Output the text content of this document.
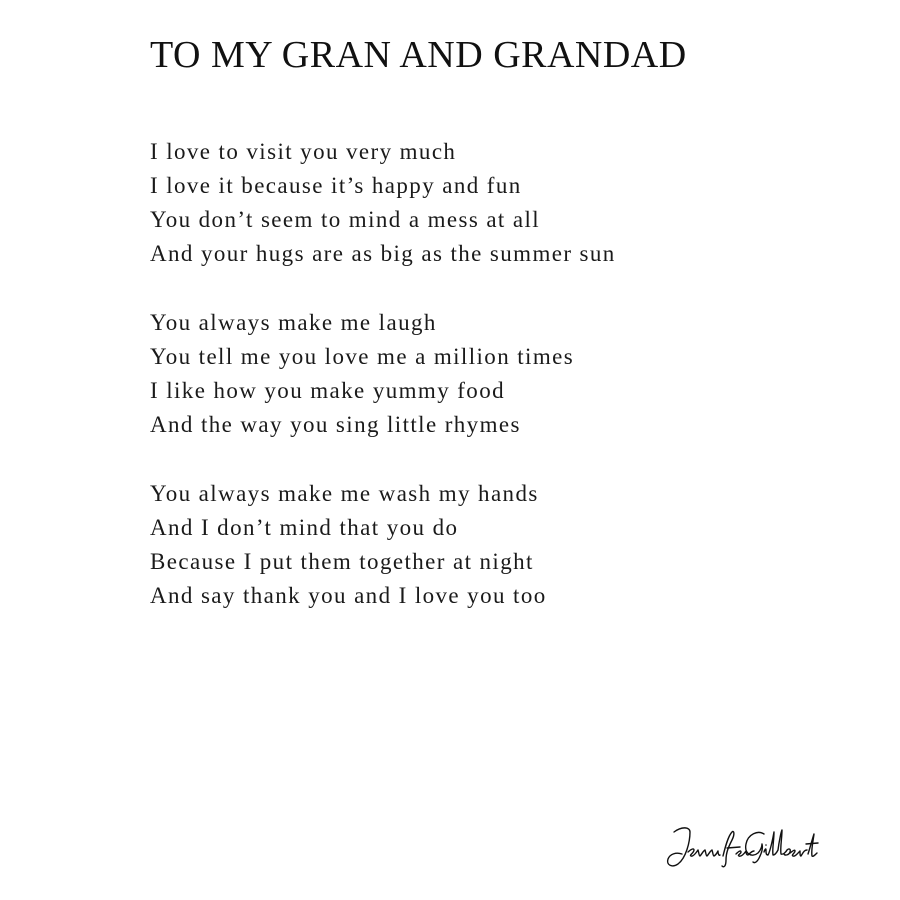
TO MY GRAN AND GRANDAD
I love to visit you very much
I love it because it’s happy and fun
You don’t seem to mind a mess at all
And your hugs are as big as the summer sun
You always make me laugh
You tell me you love me a million times
I like how you make yummy food
And the way you sing little rhymes
You always make me wash my hands
And I don’t mind that you do
Because I put them together at night
And say thank you and I love you too
